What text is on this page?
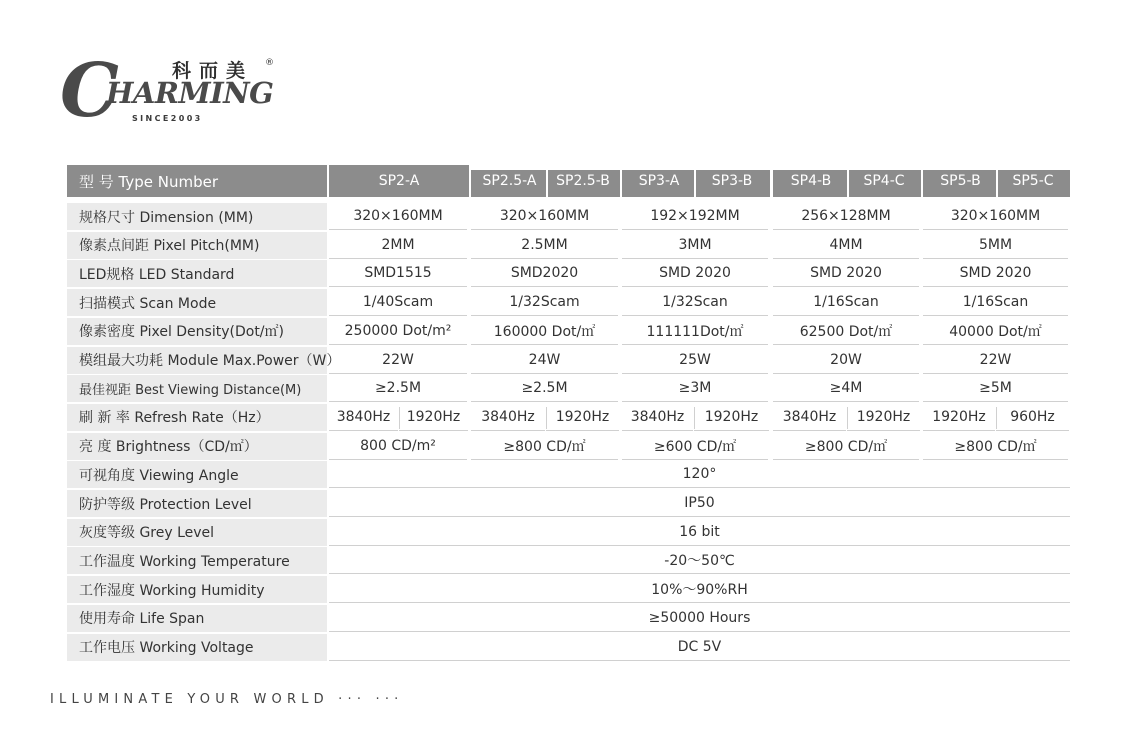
C	科而美 ®
HARMING
SINCE2003
型 号 Type Number	SP2-A	SP2.5-A	SP2.5-B	SP3-A	SP3-B	SP4-B	SP4-C	SP5-B	SP5-C
规格尺寸 Dimension (MM)	320×160MM	320×160MM	192×192MM	256×128MM	320×160MM
像素点间距 Pixel Pitch(MM)	2MM	2.5MM	3MM	4MM	5MM
LED规格 LED Standard	SMD1515	SMD2020	SMD 2020	SMD 2020	SMD 2020
扫描模式 Scan Mode	1/40Scam	1/32Scam	1/32Scan	1/16Scan	1/16Scan
像素密度 Pixel Density(Dot/㎡)	250000 Dot/m²	160000 Dot/㎡	111111Dot/㎡	62500 Dot/㎡	40000 Dot/㎡
模组最大功耗 Module Max.Power（W）	22W	24W	25W	20W	22W
最佳视距 Best Viewing Distance(M)	≥2.5M	≥2.5M	≥3M	≥4M	≥5M
刷 新 率 Refresh Rate（Hz）	3840Hz	1920Hz	3840Hz	1920Hz	3840Hz	1920Hz	3840Hz	1920Hz	1920Hz	960Hz
亮 度 Brightness（CD/㎡）	800 CD/m²	≥800 CD/㎡	≥600 CD/㎡	≥800 CD/㎡	≥800 CD/㎡
可视角度 Viewing Angle	120°
防护等级 Protection Level	IP50
灰度等级 Grey Level	16 bit
工作温度 Working Temperature	-20～50℃
工作湿度 Working Humidity	10%～90%RH
使用寿命 Life Span	≥50000 Hours
工作电压 Working Voltage	DC 5V
ILLUMINATE YOUR WORLD ··· ···
